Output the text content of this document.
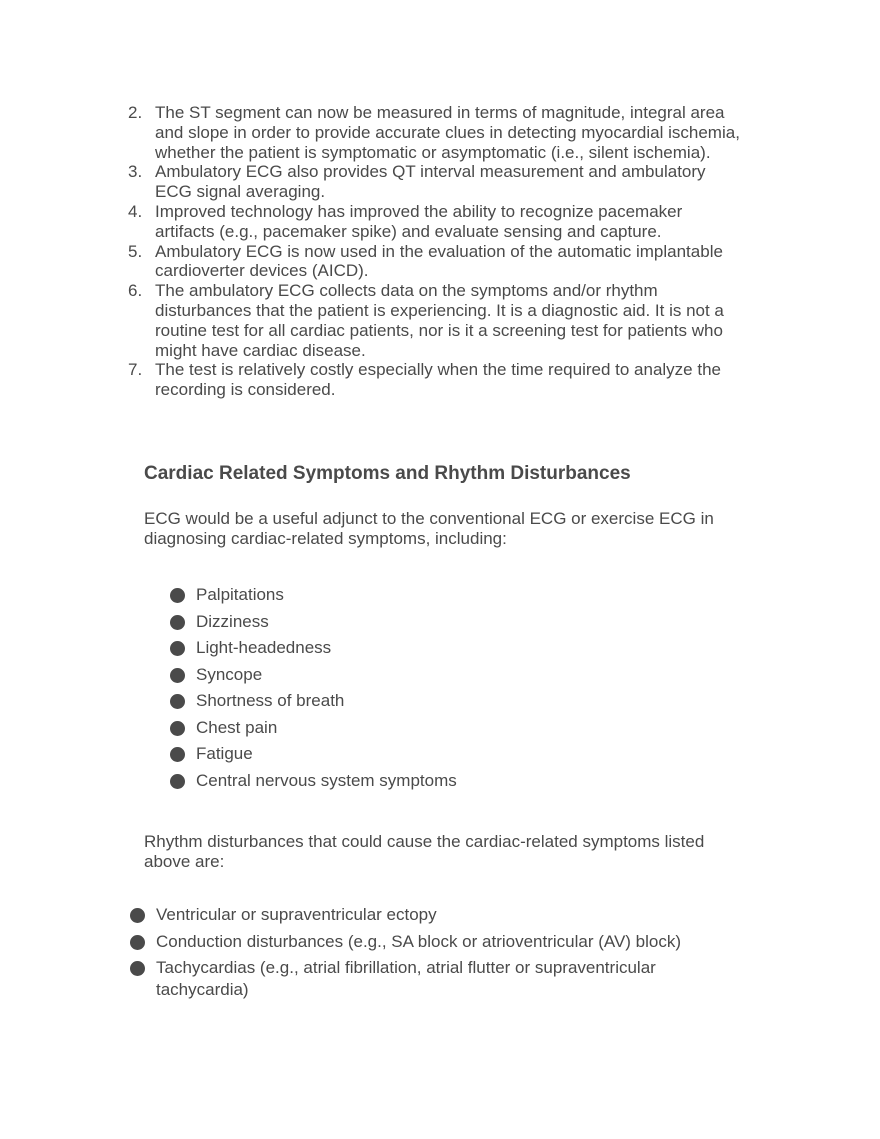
2. The ST segment can now be measured in terms of magnitude, integral area and slope in order to provide accurate clues in detecting myocardial ischemia, whether the patient is symptomatic or asymptomatic (i.e., silent ischemia).
3. Ambulatory ECG also provides QT interval measurement and ambulatory ECG signal averaging.
4. Improved technology has improved the ability to recognize pacemaker artifacts (e.g., pacemaker spike) and evaluate sensing and capture.
5. Ambulatory ECG is now used in the evaluation of the automatic implantable cardioverter devices (AICD).
6. The ambulatory ECG collects data on the symptoms and/or rhythm disturbances that the patient is experiencing. It is a diagnostic aid. It is not a routine test for all cardiac patients, nor is it a screening test for patients who might have cardiac disease.
7. The test is relatively costly especially when the time required to analyze the recording is considered.
Cardiac Related Symptoms and Rhythm Disturbances

ECG would be a useful adjunct to the conventional ECG or exercise ECG in diagnosing cardiac-related symptoms, including:

Palpitations
Dizziness
Light-headedness
Syncope
Shortness of breath
Chest pain
Fatigue
Central nervous system symptoms

Rhythm disturbances that could cause the cardiac-related symptoms listed above are:

Ventricular or supraventricular ectopy
Conduction disturbances (e.g., SA block or atrioventricular (AV) block)
Tachycardias (e.g., atrial fibrillation, atrial flutter or supraventricular tachycardia)
